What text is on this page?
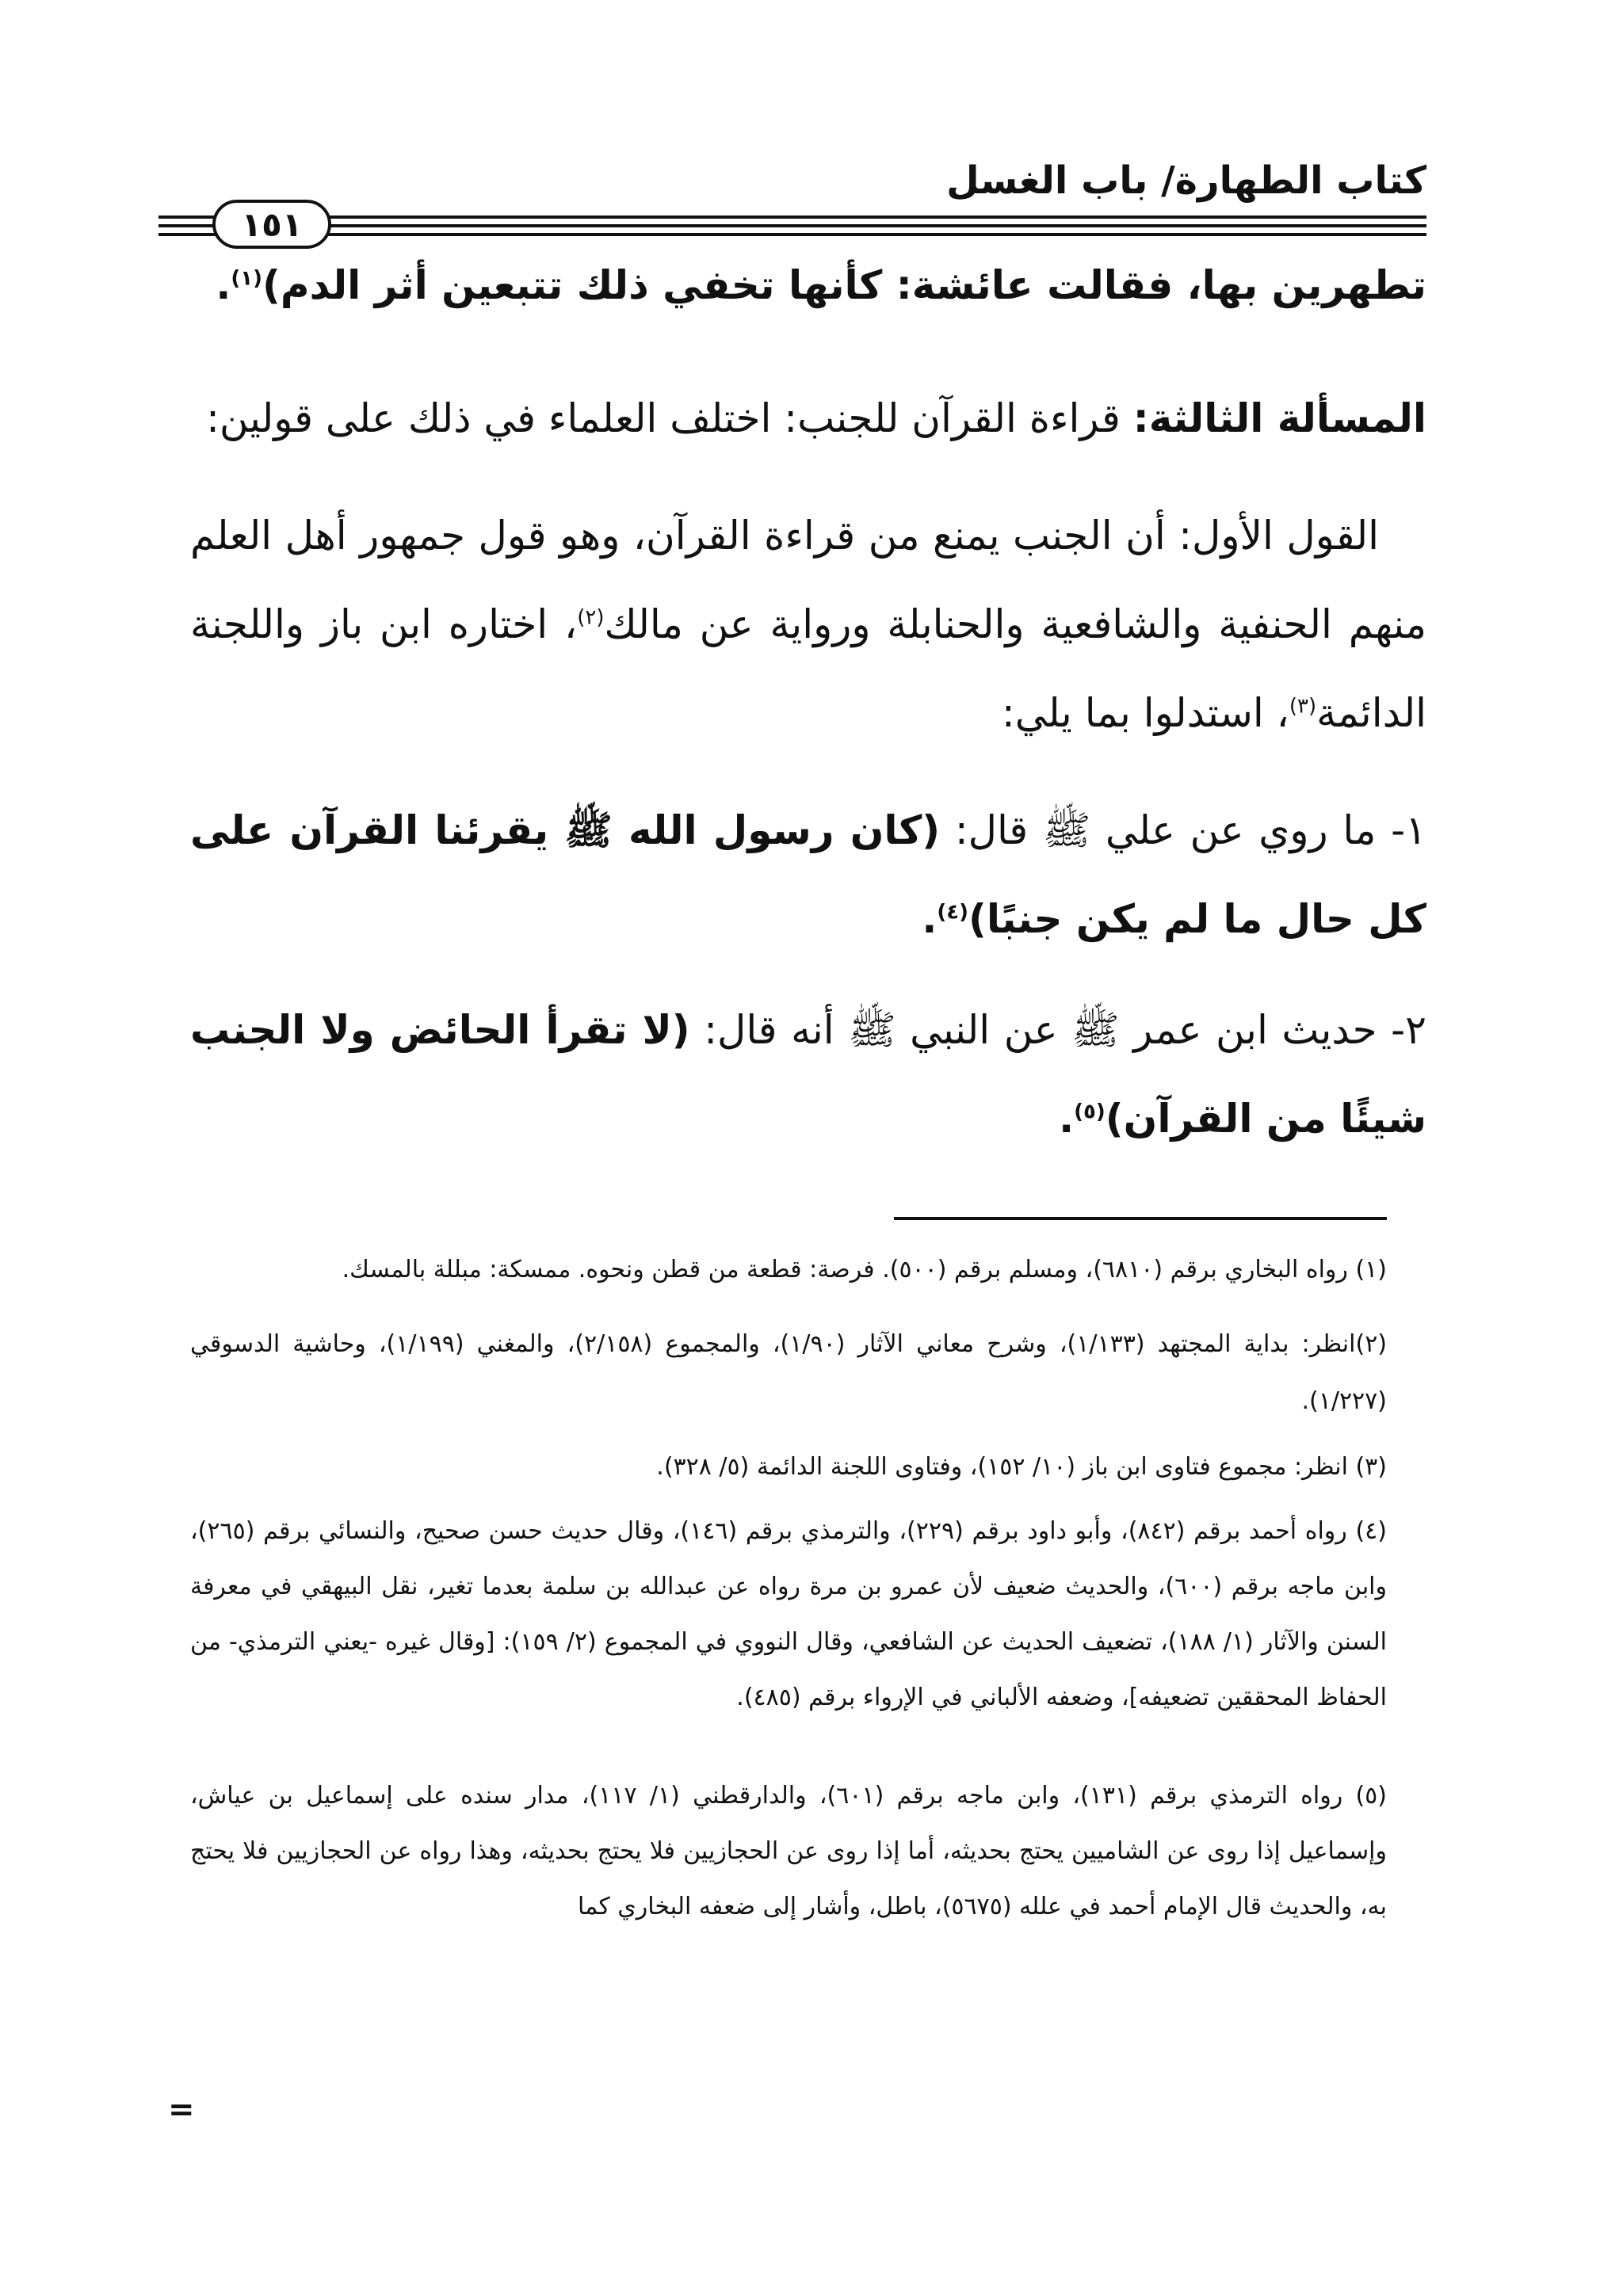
كتاب الطهارة/ باب الغسل
١٥١
تطهرين بها، فقالت عائشة: كأنها تخفي ذلك تتبعين أثر الدم)$^{(١)}$.
المسألة الثالثة: قراءة القرآن للجنب: اختلف العلماء في ذلك على قولين:
القول الأول: أن الجنب يمنع من قراءة القرآن، وهو قول جمهور أهل العلم منهم الحنفية والشافعية والحنابلة ورواية عن مالك$^{(٢)}$، اختاره ابن باز واللجنة الدائمة$^{(٣)}$، استدلوا بما يلي:
١- ما روي عن علي ﷺ قال: (كان رسول الله ﷺ يقرئنا القرآن على كل حال ما لم يكن جنبًا)$^{(٤)}$.
٢- حديث ابن عمر ﷺ عن النبي ﷺ أنه قال: (لا تقرأ الحائض ولا الجنب شيئًا من القرآن)$^{(٥)}$.
(١) رواه البخاري برقم (٦٨١٠)، ومسلم برقم (٥٠٠). فرصة: قطعة من قطن ونحوه. ممسكة: مبللة بالمسك.
(٢)انظر: بداية المجتهد (١/١٣٣)، وشرح معاني الآثار (١/٩٠)، والمجموع (٢/١٥٨)، والمغني (١/١٩٩)، وحاشية الدسوقي (١/٢٢٧).
(٣) انظر: مجموع فتاوى ابن باز (١٠/ ١٥٢)، وفتاوى اللجنة الدائمة (٥/ ٣٢٨).
(٤) رواه أحمد برقم (٨٤٢)، وأبو داود برقم (٢٢٩)، والترمذي برقم (١٤٦)، وقال حديث حسن صحيح، والنسائي برقم (٢٦٥)، وابن ماجه برقم (٦٠٠)، والحديث ضعيف لأن عمرو بن مرة رواه عن عبدالله بن سلمة بعدما تغير، نقل البيهقي في معرفة السنن والآثار (١/ ١٨٨)، تضعيف الحديث عن الشافعي، وقال النووي في المجموع (٢/ ١٥٩): [وقال غيره -يعني الترمذي- من الحفاظ المحققين تضعيفه]، وضعفه الألباني في الإرواء برقم (٤٨٥).
(٥) رواه الترمذي برقم (١٣١)، وابن ماجه برقم (٦٠١)، والدارقطني (١/ ١١٧)، مدار سنده على إسماعيل بن عياش، وإسماعيل إذا روى عن الشاميين يحتج بحديثه، أما إذا روى عن الحجازيين فلا يحتج بحديثه، وهذا رواه عن الحجازيين فلا يحتج به، والحديث قال الإمام أحمد في علله (٥٦٧٥)، باطل، وأشار إلى ضعفه البخاري كما
=
